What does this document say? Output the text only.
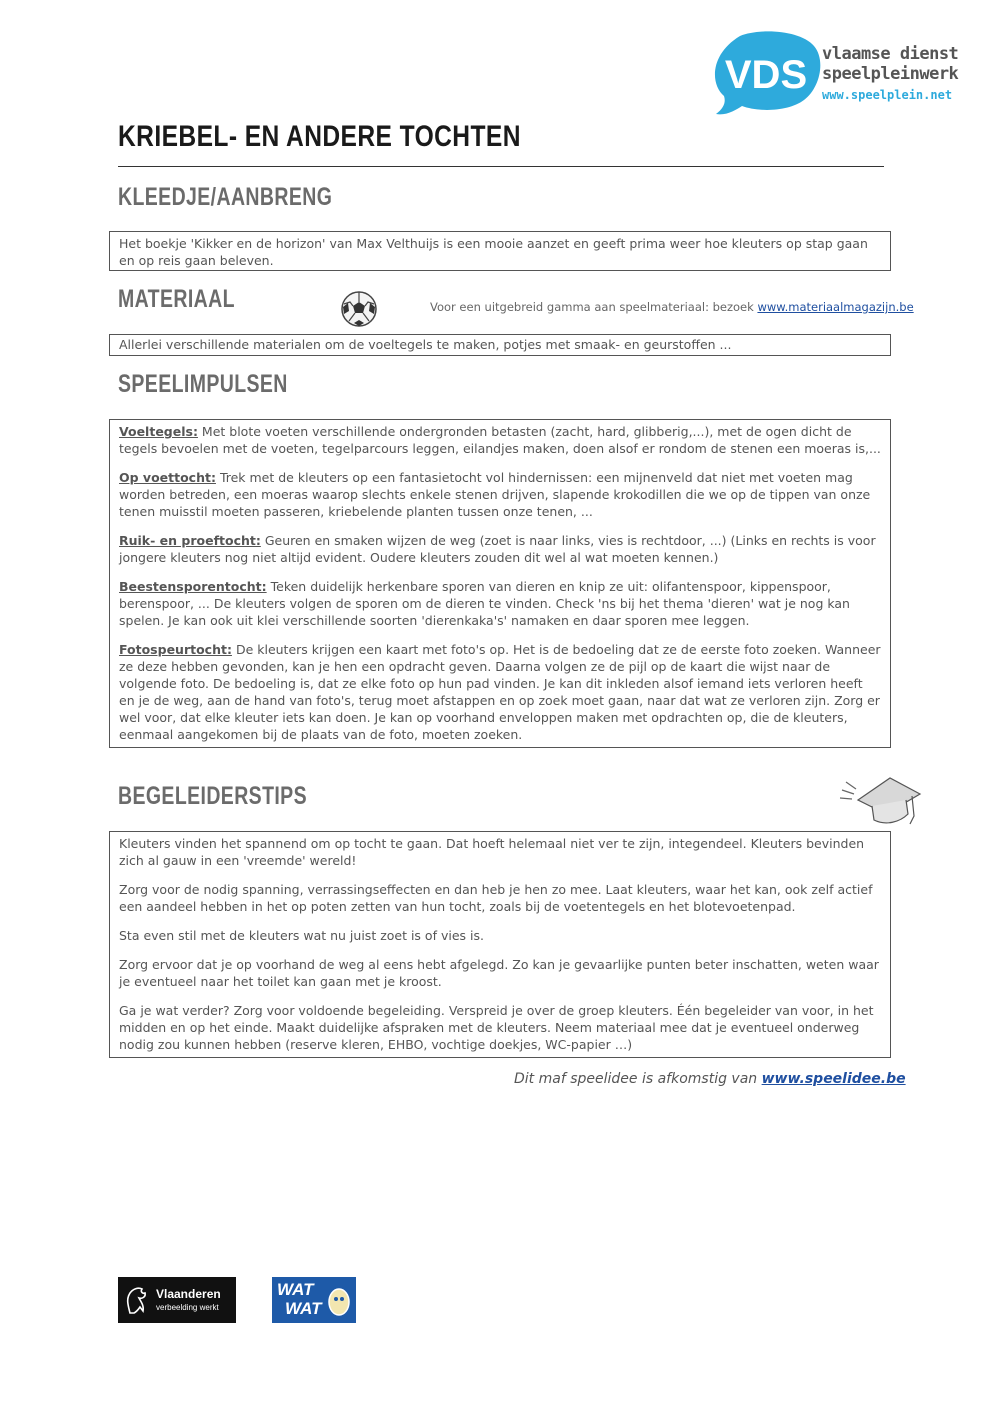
VDS vlaamse dienst
speelpleinwerk
www.speelplein.net
KRIEBEL- EN ANDERE TOCHTEN
KLEEDJE/AANBRENG

Het boekje 'Kikker en de horizon' van Max Velthuijs is een mooie aanzet en geeft prima weer hoe kleuters op stap gaan en op reis gaan beleven.

MATERIAAL	Voor een uitgebreid gamma aan speelmateriaal: bezoek www.materiaalmagazijn.be

Allerlei verschillende materialen om de voeltegels te maken, potjes met smaak- en geurstoffen ...

SPEELIMPULSEN

Voeltegels: Met blote voeten verschillende ondergronden betasten (zacht, hard, glibberig,...), met de ogen dicht de tegels bevoelen met de voeten, tegelparcours leggen, eilandjes maken, doen alsof er rondom de stenen een moeras is,...

Op voettocht: Trek met de kleuters op een fantasietocht vol hindernissen: een mijnenveld dat niet met voeten mag worden betreden, een moeras waarop slechts enkele stenen drijven, slapende krokodillen die we op de tippen van onze tenen muisstil moeten passeren, kriebelende planten tussen onze tenen, ...

Ruik- en proeftocht: Geuren en smaken wijzen de weg (zoet is naar links, vies is rechtdoor, ...) (Links en rechts is voor jongere kleuters nog niet altijd evident. Oudere kleuters zouden dit wel al wat moeten kennen.)

Beestensporentocht: Teken duidelijk herkenbare sporen van dieren en knip ze uit: olifantenspoor, kippenspoor, berenspoor, ... De kleuters volgen de sporen om de dieren te vinden. Check 'ns bij het thema 'dieren' wat je nog kan spelen. Je kan ook uit klei verschillende soorten 'dierenkaka's' namaken en daar sporen mee leggen.

Fotospeurtocht: De kleuters krijgen een kaart met foto's op. Het is de bedoeling dat ze de eerste foto zoeken. Wanneer ze deze hebben gevonden, kan je hen een opdracht geven. Daarna volgen ze de pijl op de kaart die wijst naar de volgende foto. De bedoeling is, dat ze elke foto op hun pad vinden. Je kan dit inkleden alsof iemand iets verloren heeft en je de weg, aan de hand van foto's, terug moet afstappen en op zoek moet gaan, naar dat wat ze verloren zijn. Zorg er wel voor, dat elke kleuter iets kan doen. Je kan op voorhand enveloppen maken met opdrachten op, die de kleuters, eenmaal aangekomen bij de plaats van de foto, moeten zoeken.

BEGELEIDERSTIPS

Kleuters vinden het spannend om op tocht te gaan. Dat hoeft helemaal niet ver te zijn, integendeel. Kleuters bevinden zich al gauw in een 'vreemde' wereld!

Zorg voor de nodig spanning, verrassingseffecten en dan heb je hen zo mee. Laat kleuters, waar het kan, ook zelf actief een aandeel hebben in het op poten zetten van hun tocht, zoals bij de voetentegels en het blotevoetenpad.

Sta even stil met de kleuters wat nu juist zoet is of vies is.

Zorg ervoor dat je op voorhand de weg al eens hebt afgelegd. Zo kan je gevaarlijke punten beter inschatten, weten waar je eventueel naar het toilet kan gaan met je kroost.

Ga je wat verder? Zorg voor voldoende begeleiding. Verspreid je over de groep kleuters. Één begeleider van voor, in het midden en op het einde. Maakt duidelijke afspraken met de kleuters. Neem materiaal mee dat je eventueel onderweg nodig zou kunnen hebben (reserve kleren, EHBO, vochtige doekjes, WC-papier …)

Dit maf speelidee is afkomstig van www.speelidee.be
Vlaanderen
verbeelding werkt
WAT
WAT
